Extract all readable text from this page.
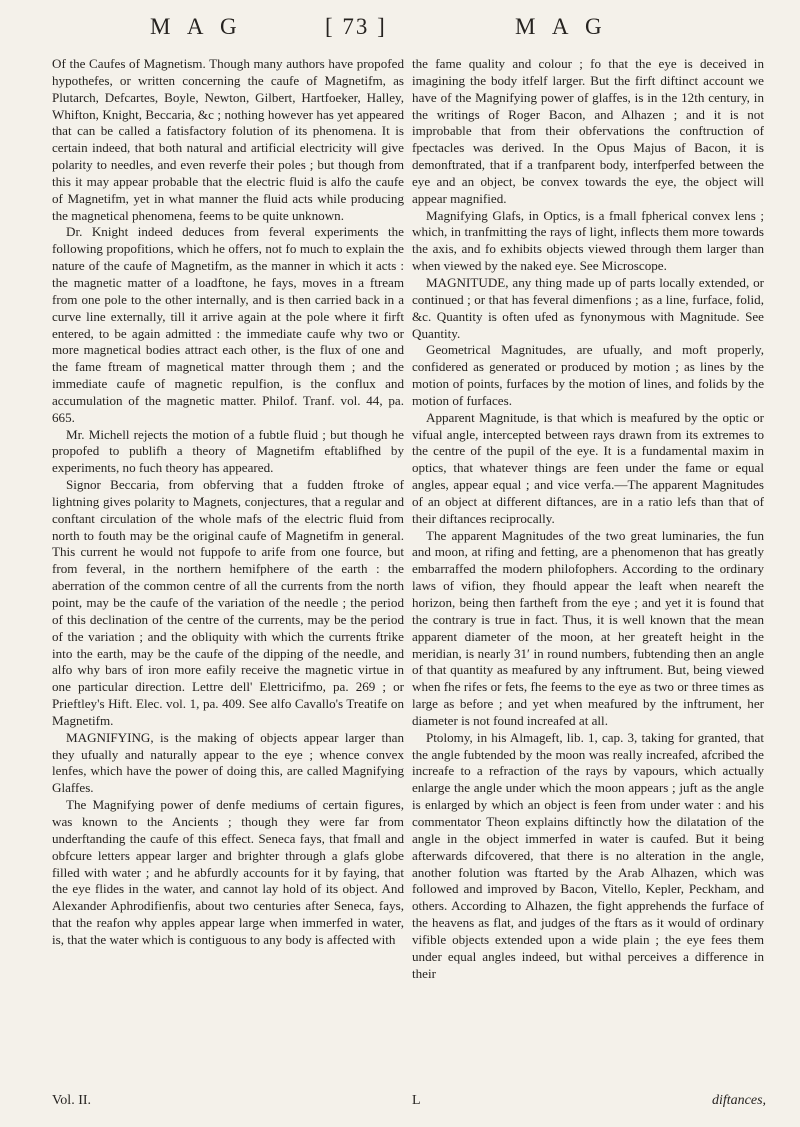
M A G	[ 73 ]	M A G

Of the Caufes of Magnetism. Though many authors have propofed hypothefes, or written concerning the caufe of Magnetifm, as Plutarch, Defcartes, Boyle, Newton, Gilbert, Hartfoeker, Halley, Whifton, Knight, Beccaria, &c ; nothing however has yet appeared that can be called a fatisfactory folution of its phenomena. It is certain indeed, that both natural and artificial electricity will give polarity to needles, and even reverfe their poles ; but though from this it may appear probable that the electric fluid is alfo the caufe of Magnetifm, yet in what manner the fluid acts while producing the magnetical phenomena, feems to be quite unknown.

Dr. Knight indeed deduces from feveral experiments the following propofitions, which he offers, not fo much to explain the nature of the caufe of Magnetifm, as the manner in which it acts : the magnetic matter of a loadftone, he fays, moves in a ftream from one pole to the other internally, and is then carried back in a curve line externally, till it arrive again at the pole where it firft entered, to be again admitted : the immediate caufe why two or more magnetical bodies attract each other, is the flux of one and the fame ftream of magnetical matter through them ; and the immediate caufe of magnetic repulfion, is the conflux and accumulation of the magnetic matter. Philof. Tranf. vol. 44, pa. 665.

Mr. Michell rejects the motion of a fubtle fluid ; but though he propofed to publifh a theory of Magnetifm eftablifhed by experiments, no fuch theory has appeared.

Signor Beccaria, from obferving that a fudden ftroke of lightning gives polarity to Magnets, conjectures, that a regular and conftant circulation of the whole mafs of the electric fluid from north to fouth may be the original caufe of Magnetifm in general. This current he would not fuppofe to arife from one fource, but from feveral, in the northern hemifphere of the earth : the aberration of the common centre of all the currents from the north point, may be the caufe of the variation of the needle ; the period of this declination of the centre of the currents, may be the period of the variation ; and the obliquity with which the currents ftrike into the earth, may be the caufe of the dipping of the needle, and alfo why bars of iron more eafily receive the magnetic virtue in one particular direction. Lettre dell' Elettricifmo, pa. 269 ; or Prieftley's Hift. Elec. vol. 1, pa. 409. See alfo Cavallo's Treatife on Magnetifm.

MAGNIFYING, is the making of objects appear larger than they ufually and naturally appear to the eye ; whence convex lenfes, which have the power of doing this, are called Magnifying Glaffes.

The Magnifying power of denfe mediums of certain figures, was known to the Ancients ; though they were far from underftanding the caufe of this effect. Seneca fays, that fmall and obfcure letters appear larger and brighter through a glafs globe filled with water ; and he abfurdly accounts for it by faying, that the eye flides in the water, and cannot lay hold of its object. And Alexander Aphrodifienfis, about two centuries after Seneca, fays, that the reafon why apples appear large when immerfed in water, is, that the water which is contiguous to any body is affected with

the fame quality and colour ; fo that the eye is deceived in imagining the body itfelf larger. But the firft diftinct account we have of the Magnifying power of glaffes, is in the 12th century, in the writings of Roger Bacon, and Alhazen ; and it is not improbable that from their obfervations the conftruction of fpectacles was derived. In the Opus Majus of Bacon, it is demonftrated, that if a tranfparent body, interfperfed between the eye and an object, be convex towards the eye, the object will appear magnified.

Magnifying Glafs, in Optics, is a fmall fpherical convex lens ; which, in tranfmitting the rays of light, inflects them more towards the axis, and fo exhibits objects viewed through them larger than when viewed by the naked eye. See Microscope.

MAGNITUDE, any thing made up of parts locally extended, or continued ; or that has feveral dimenfions ; as a line, furface, folid, &c. Quantity is often ufed as fynonymous with Magnitude. See Quantity.

Geometrical Magnitudes, are ufually, and moft properly, confidered as generated or produced by motion ; as lines by the motion of points, furfaces by the motion of lines, and folids by the motion of furfaces.

Apparent Magnitude, is that which is meafured by the optic or vifual angle, intercepted between rays drawn from its extremes to the centre of the pupil of the eye. It is a fundamental maxim in optics, that whatever things are feen under the fame or equal angles, appear equal ; and vice verfa.—The apparent Magnitudes of an object at different diftances, are in a ratio lefs than that of their diftances reciprocally.

The apparent Magnitudes of the two great luminaries, the fun and moon, at rifing and fetting, are a phenomenon that has greatly embarraffed the modern philofophers. According to the ordinary laws of vifion, they fhould appear the leaft when neareft the horizon, being then fartheft from the eye ; and yet it is found that the contrary is true in fact. Thus, it is well known that the mean apparent diameter of the moon, at her greateft height in the meridian, is nearly 31′ in round numbers, fubtending then an angle of that quantity as meafured by any inftrument. But, being viewed when fhe rifes or fets, fhe feems to the eye as two or three times as large as before ; and yet when meafured by the inftrument, her diameter is not found increafed at all.

Ptolomy, in his Almageft, lib. 1, cap. 3, taking for granted, that the angle fubtended by the moon was really increafed, afcribed the increafe to a refraction of the rays by vapours, which actually enlarge the angle under which the moon appears ; juft as the angle is enlarged by which an object is feen from under water : and his commentator Theon explains diftinctly how the dilatation of the angle in the object immerfed in water is caufed. But it being afterwards difcovered, that there is no alteration in the angle, another folution was ftarted by the Arab Alhazen, which was followed and improved by Bacon, Vitello, Kepler, Peckham, and others. According to Alhazen, the fight apprehends the furface of the heavens as flat, and judges of the ftars as it would of ordinary vifible objects extended upon a wide plain ; the eye fees them under equal angles indeed, but withal perceives a difference in their

Vol. II.	L	diftances,
